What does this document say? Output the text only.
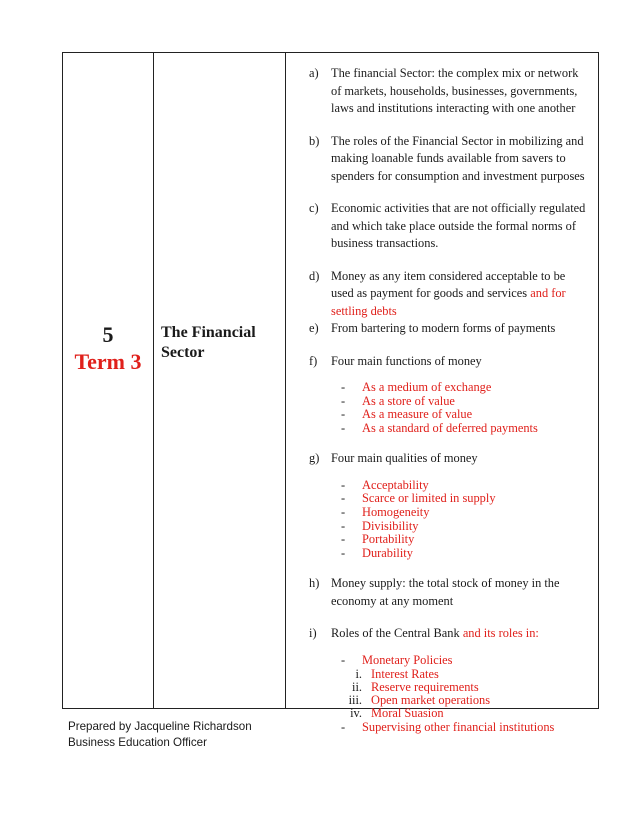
5
Term 3
The Financial Sector
a) The financial Sector: the complex mix or network of markets, households, businesses, governments, laws and institutions interacting with one another
b) The roles of the Financial Sector in mobilizing and making loanable funds available from savers to spenders for consumption and investment purposes
c) Economic activities that are not officially regulated and which take place outside the formal norms of business transactions.
d) Money as any item considered acceptable to be used as payment for goods and services and for settling debts
e) From bartering to modern forms of payments
f)	Four main functions of money
-	As a medium of exchange
-	As a store of value
-	As a measure of value
-	As a standard of deferred payments
g) Four main qualities of money
-	Acceptability
-	Scarce or limited in supply
-	Homogeneity
-	Divisibility
-	Portability
-	Durability
h) Money supply: the total stock of money in the economy at any moment
i)	Roles of the Central Bank and its roles in:
-	Monetary Policies
i. Interest Rates
ii. Reserve requirements
iii. Open market operations
iv. Moral Suasion
-	Supervising other financial institutions
Prepared by Jacqueline Richardson
Business Education Officer
